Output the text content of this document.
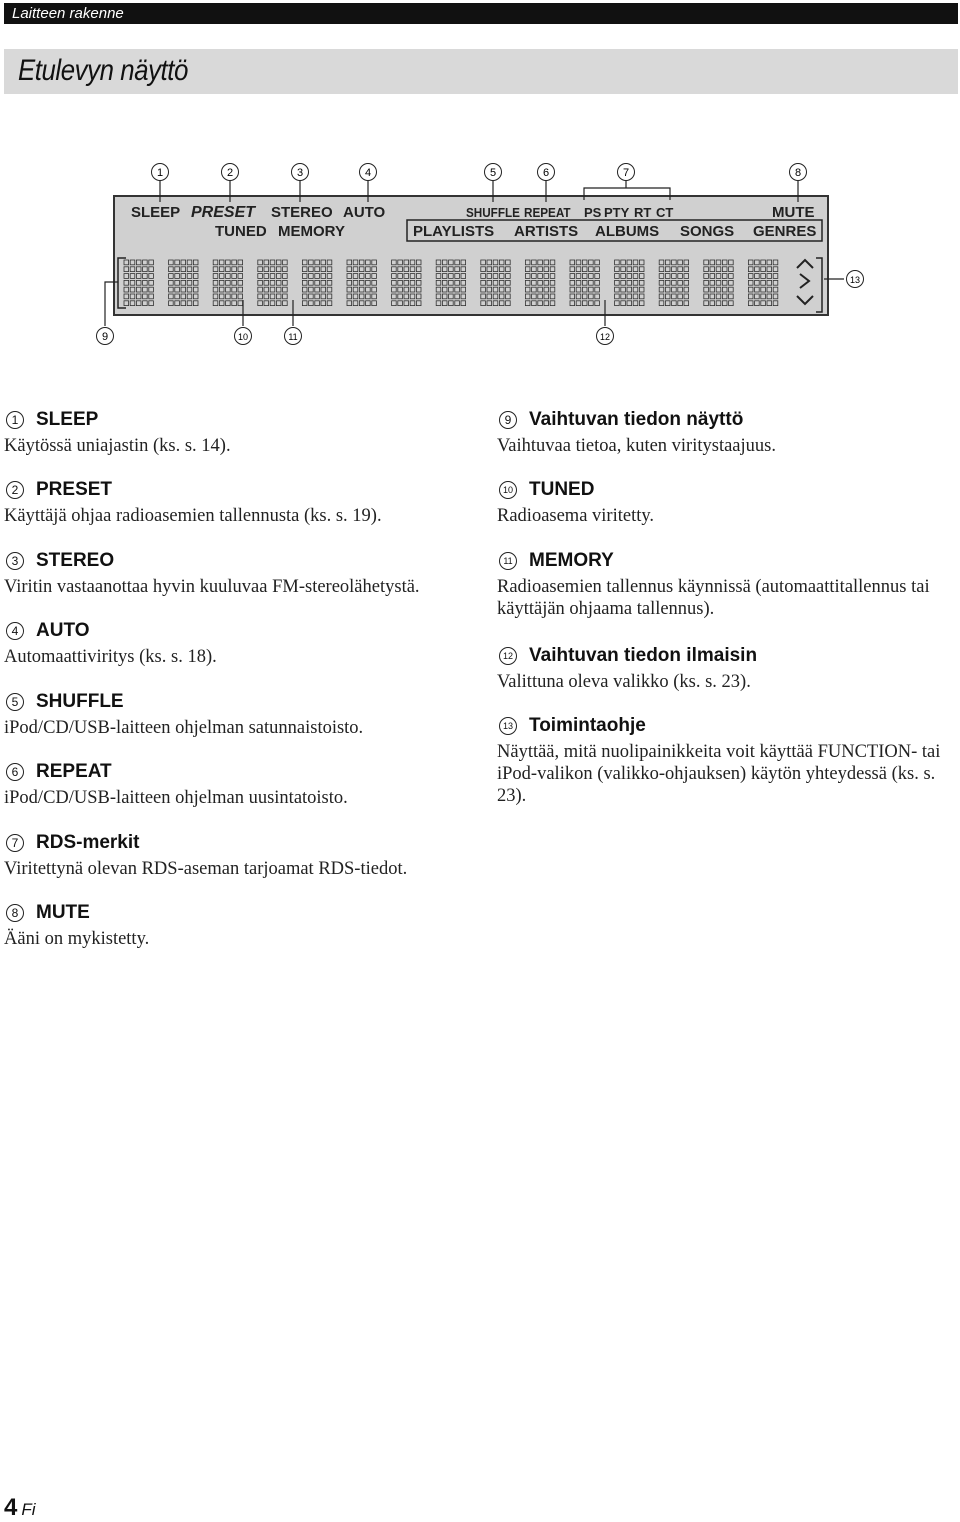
Laitteen rakenne
Etulevyn näyttö
SLEEP PRESET STEREO AUTO	SHUFFLE REPEAT PS PTY RT CT	MUTE
TUNED MEMORY	PLAYLISTS ARTISTS ALBUMS SONGS GENRES
1	2	3	4	5	6	7	8
9	10	11	12
13
1 SLEEP
Käytössä uniajastin (ks. s. 14).
2 PRESET
Käyttäjä ohjaa radioasemien tallennusta (ks. s. 19).
3 STEREO
Viritin vastaanottaa hyvin kuuluvaa FM-stereolähetystä.
4 AUTO
Automaattiviritys (ks. s. 18).
5 SHUFFLE
iPod/CD/USB-laitteen ohjelman satunnaistoisto.
6 REPEAT
iPod/CD/USB-laitteen ohjelman uusintatoisto.
7 RDS-merkit
Viritettynä olevan RDS-aseman tarjoamat RDS-tiedot.
8 MUTE
Ääni on mykistetty.
9 Vaihtuvan tiedon näyttö
Vaihtuvaa tietoa, kuten viritystaajuus.
10 TUNED
Radioasema viritetty.
11 MEMORY
Radioasemien tallennus käynnissä (automaattitallennus tai käyttäjän ohjaama tallennus).
12 Vaihtuvan tiedon ilmaisin
Valittuna oleva valikko (ks. s. 23).
13 Toimintaohje
Näyttää, mitä nuolipainikkeita voit käyttää FUNCTION- tai iPod-valikon (valikko-ohjauksen) käytön yhteydessä (ks. s. 23).
4 Fi
